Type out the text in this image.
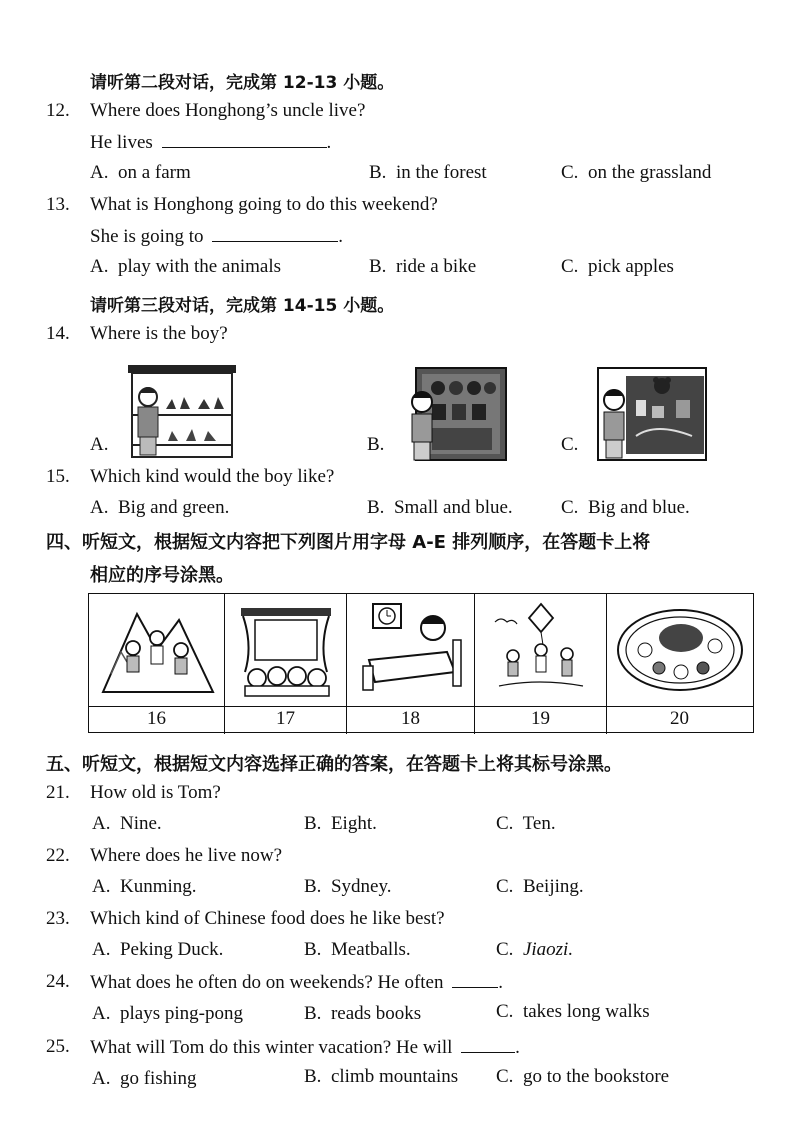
请听第二段对话，完成第 12-13 小题。
12. Where does Honghong’s uncle live?
He lives	.
A. on a farm	B. in the forest	C. on the grassland
13. What is Honghong going to do this weekend?
She is going to	.
A. play with the animals	B. ride a bike	C. pick apples
请听第三段对话，完成第 14-15 小题。
14. Where is the boy?
A.	B.	C.
15. Which kind would the boy like?
A. Big and green.	B. Small and blue.	C. Big and blue.
四、听短文，根据短文内容把下列图片用字母 A-E 排列顺序，在答题卡上将
相应的序号涂黑。
16	17	18	19	20
五、听短文，根据短文内容选择正确的答案，在答题卡上将其标号涂黑。
21. How old is Tom?
A. Nine.	B. Eight.	C. Ten.
22. Where does he live now?
A. Kunming.	B. Sydney.	C. Beijing.
23. Which kind of Chinese food does he like best?
A. Peking Duck.	B. Meatballs.	C. Jiaozi.
24. What does he often do on weekends? He often	.
A. plays ping-pong	B. reads books	C. takes long walks
25. What will Tom do this winter vacation? He will	.
A. go fishing	B. climb mountains C. go to the bookstore
